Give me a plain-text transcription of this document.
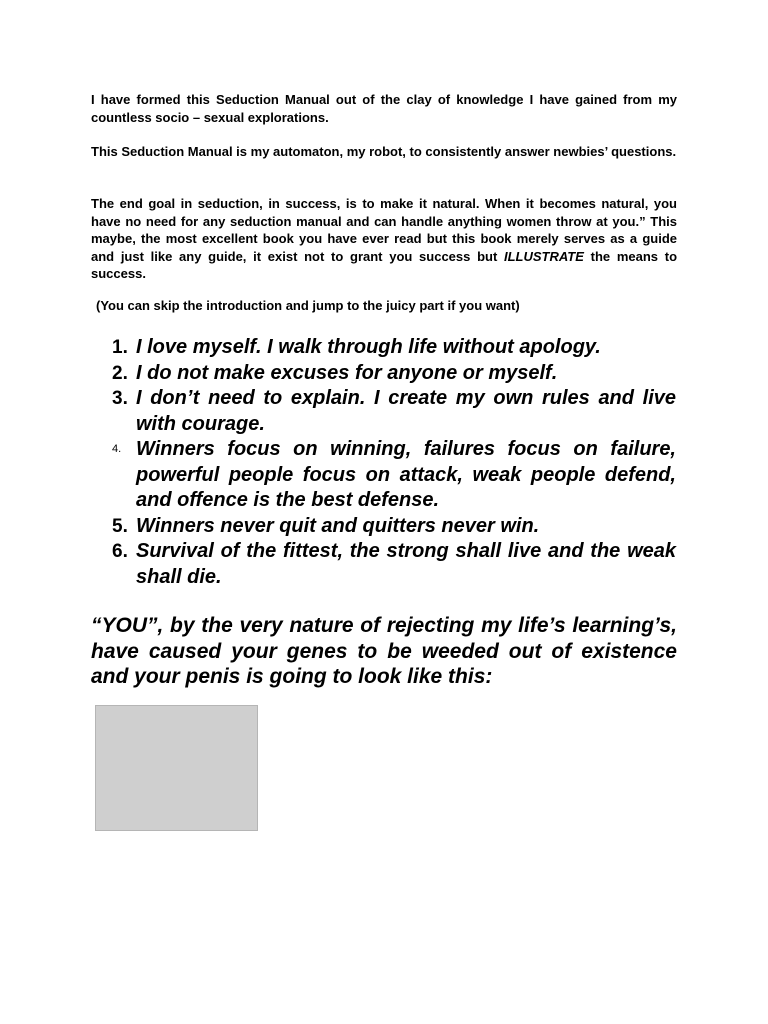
I have formed this Seduction Manual out of the clay of knowledge I have gained from my countless socio – sexual explorations.

This Seduction Manual is my automaton, my robot, to consistently answer newbies’ questions.

The end goal in seduction, in success, is to make it natural. When it becomes natural, you have no need for any seduction manual and can handle anything women throw at you.” This maybe, the most excellent book you have ever read but this book merely serves as a guide and just like any guide, it exist not to grant you success but ILLUSTRATE the means to success.

(You can skip the introduction and jump to the juicy part if you want)

1. I love myself. I walk through life without apology.
2. I do not make excuses for anyone or myself.
3. I don’t need to explain. I create my own rules and live with courage.
4. Winners focus on winning, failures focus on failure, powerful people focus on attack, weak people defend, and offence is the best defense.
5. Winners never quit and quitters never win.
6. Survival of the fittest, the strong shall live and the weak shall die.

“YOU”, by the very nature of rejecting my life’s learning’s, have caused your genes to be weeded out of existence and your penis is going to look like this:
